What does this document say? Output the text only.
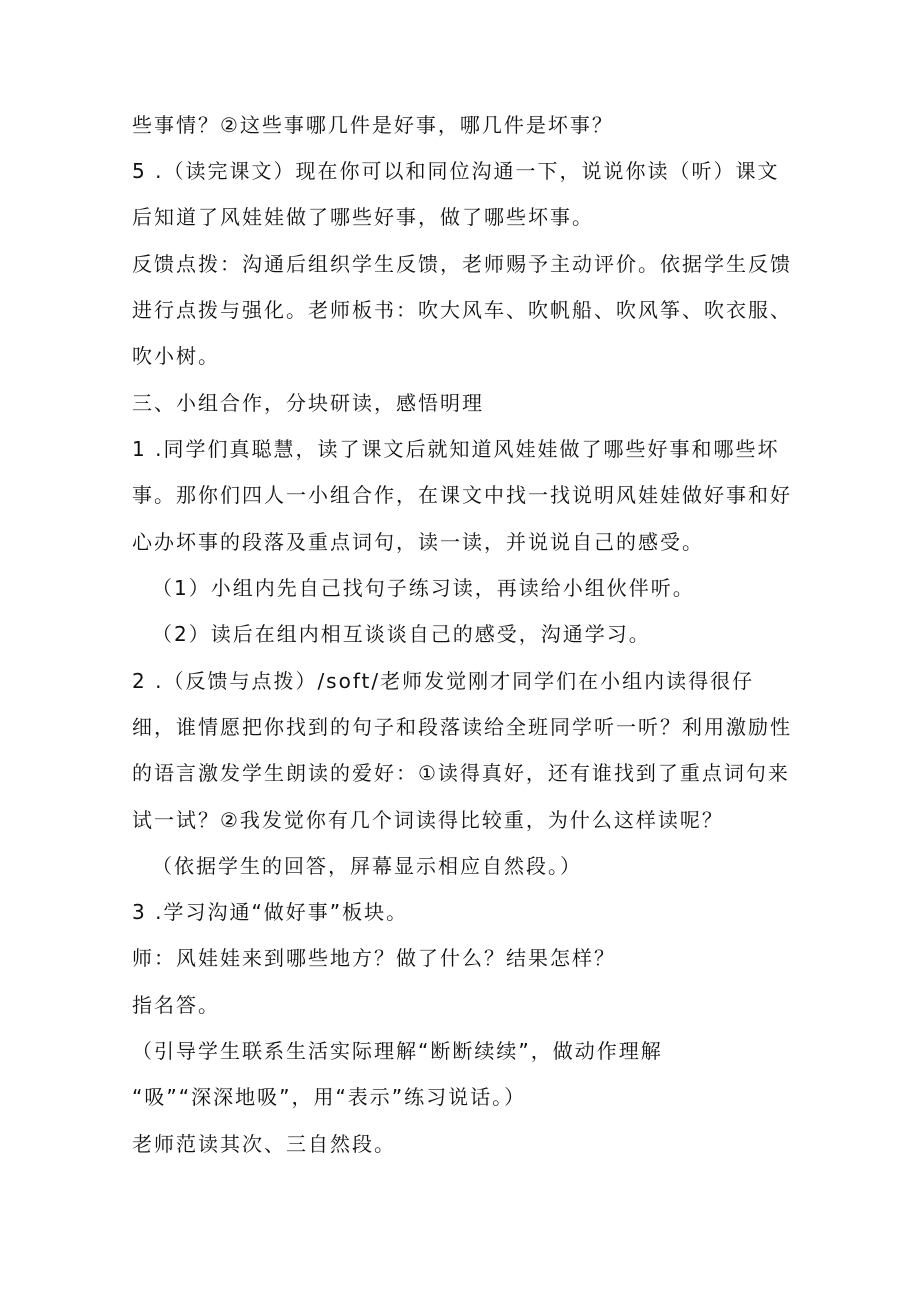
些事情？②这些事哪几件是好事，哪几件是坏事？
5 .（读完课文）现在你可以和同位沟通一下，说说你读（听）课文
后知道了风娃娃做了哪些好事，做了哪些坏事。
反馈点拨：沟通后组织学生反馈，老师赐予主动评价。依据学生反馈
进行点拨与强化。老师板书：吹大风车、吹帆船、吹风筝、吹衣服、
吹小树。
三、小组合作，分块研读，感悟明理
1 .同学们真聪慧，读了课文后就知道风娃娃做了哪些好事和哪些坏
事。那你们四人一小组合作，在课文中找一找说明风娃娃做好事和好
心办坏事的段落及重点词句，读一读，并说说自己的感受。
（1）小组内先自己找句子练习读，再读给小组伙伴听。
（2）读后在组内相互谈谈自己的感受，沟通学习。
2 .（反馈与点拨）/soft/老师发觉刚才同学们在小组内读得很仔
细，谁情愿把你找到的句子和段落读给全班同学听一听？利用激励性
的语言激发学生朗读的爱好：①读得真好，还有谁找到了重点词句来
试一试？②我发觉你有几个词读得比较重，为什么这样读呢？
（依据学生的回答，屏幕显示相应自然段。）
3 .学习沟通“做好事”板块。
师：风娃娃来到哪些地方？做了什么？结果怎样？
指名答。
（引导学生联系生活实际理解“断断续续”，做动作理解
“吸”“深深地吸”，用“表示”练习说话。）
老师范读其次、三自然段。
